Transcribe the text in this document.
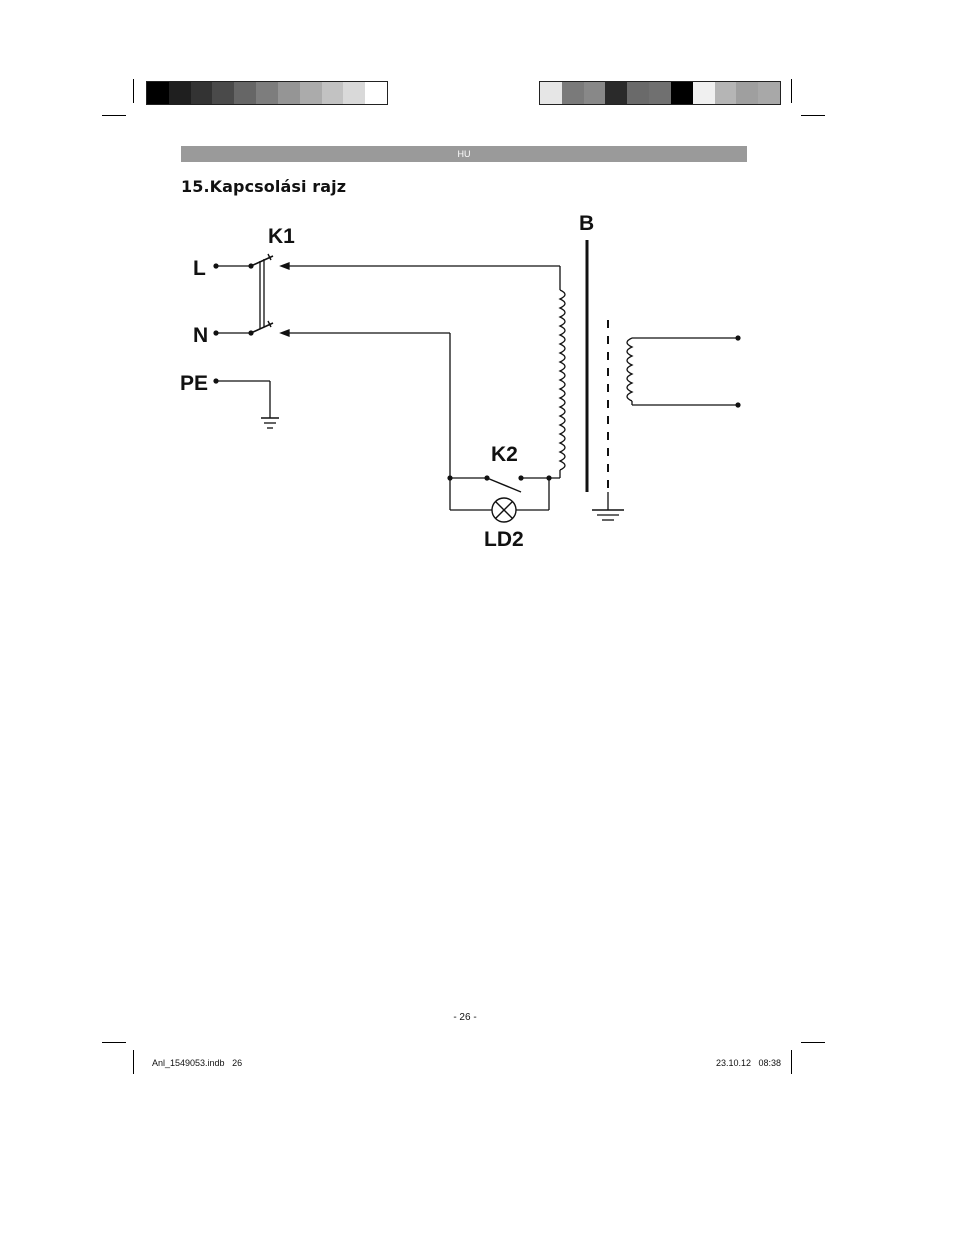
HU
15.Kapcsolási rajz
K1
L
N
PE
B
K2
LD2
- 26 -
Anl_1549053.indb   26	23.10.12   08:38
